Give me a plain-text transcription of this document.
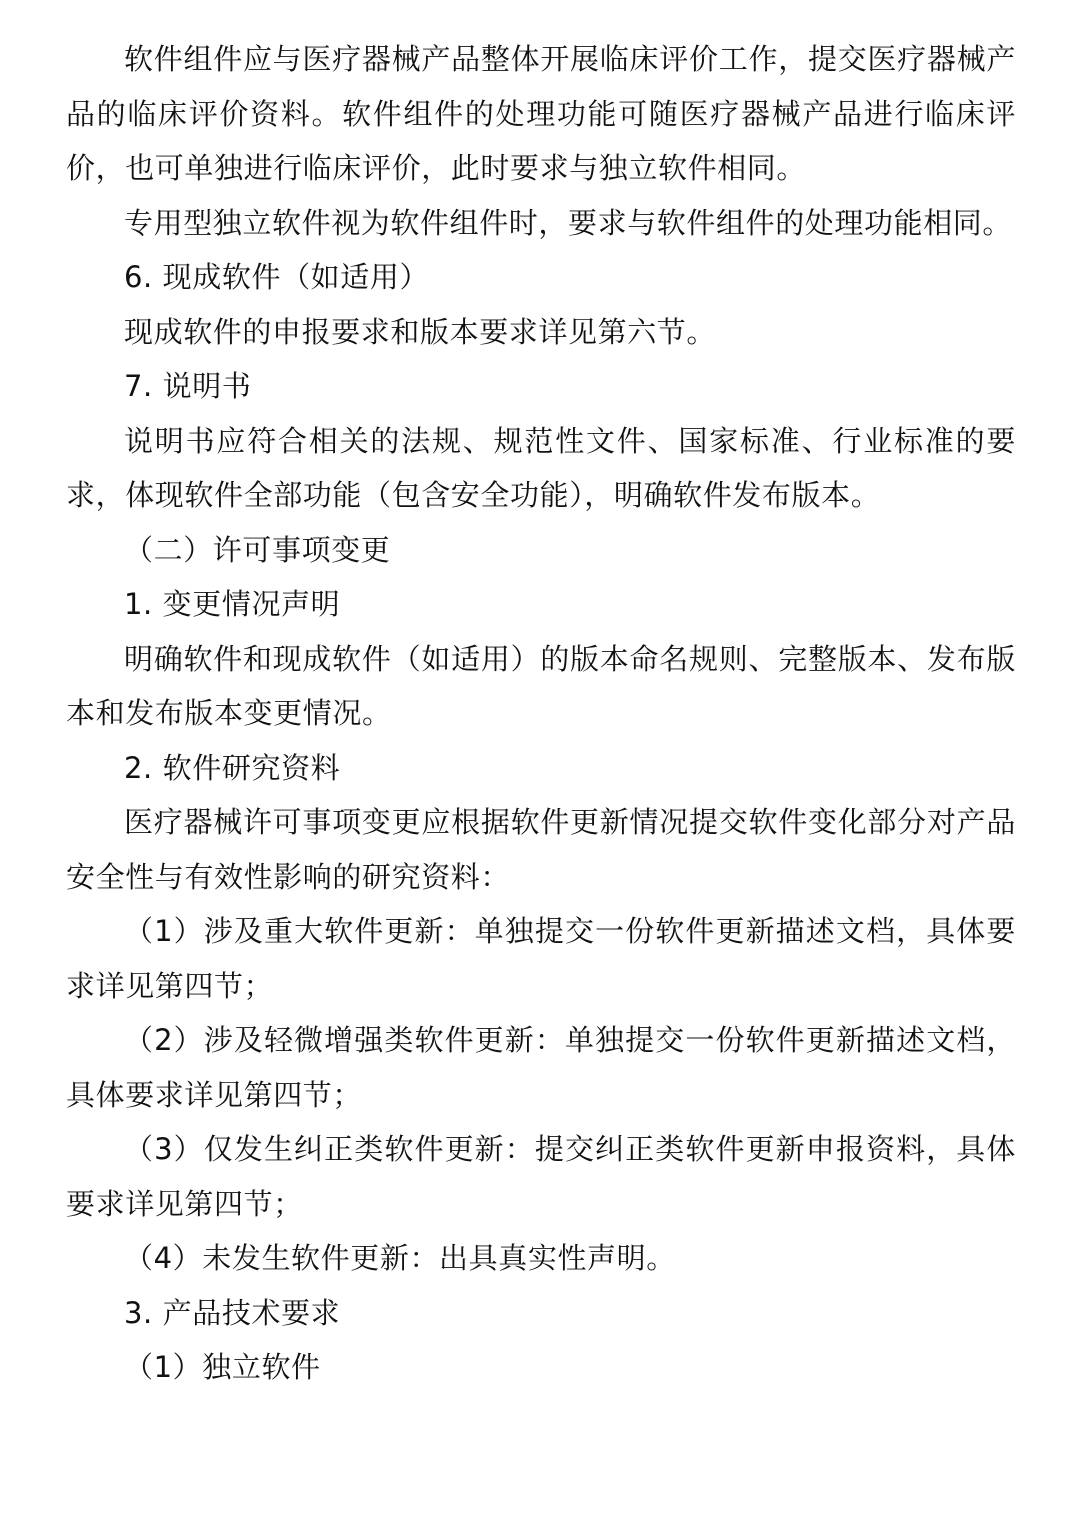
软件组件应与医疗器械产品整体开展临床评价工作，提交医疗器械产品的临床评价资料。软件组件的处理功能可随医疗器械产品进行临床评价，也可单独进行临床评价，此时要求与独立软件相同。

专用型独立软件视为软件组件时，要求与软件组件的处理功能相同。

6. 现成软件（如适用）

现成软件的申报要求和版本要求详见第六节。

7. 说明书

说明书应符合相关的法规、规范性文件、国家标准、行业标准的要求，体现软件全部功能（包含安全功能），明确软件发布版本。

（二）许可事项变更

1. 变更情况声明

明确软件和现成软件（如适用）的版本命名规则、完整版本、发布版本和发布版本变更情况。

2. 软件研究资料

医疗器械许可事项变更应根据软件更新情况提交软件变化部分对产品安全性与有效性影响的研究资料：

（1）涉及重大软件更新：单独提交一份软件更新描述文档，具体要求详见第四节；

（2）涉及轻微增强类软件更新：单独提交一份软件更新描述文档，具体要求详见第四节；

（3）仅发生纠正类软件更新：提交纠正类软件更新申报资料，具体要求详见第四节；

（4）未发生软件更新：出具真实性声明。

3. 产品技术要求

（1）独立软件
